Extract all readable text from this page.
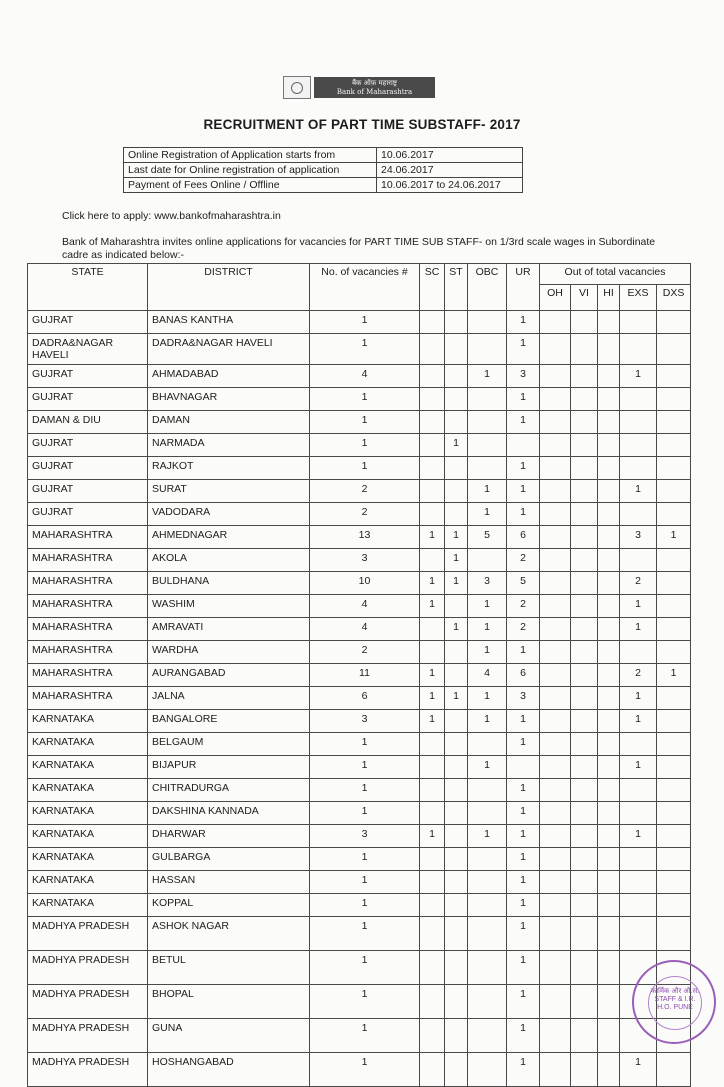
बैंक ऑफ़ महाराष्ट्र
Bank of Maharashtra
RECRUITMENT OF PART TIME SUBSTAFF- 2017
Online Registration of Application starts from	10.06.2017
Last date for Online registration of application	24.06.2017
Payment of Fees Online / Offline	10.06.2017 to 24.06.2017
Click here to apply: www.bankofmaharashtra.in
Bank of Maharashtra invites online applications for vacancies for PART TIME SUB STAFF- on 1/3rd scale wages in Subordinate cadre as indicated below:-
STATE	DISTRICT	No. of vacancies #	SC	ST	OBC	UR	Out of total vacancies				
							OH	VI	HI	EXS	DXS
GUJRAT	BANAS KANTHA	1				1					
DADRA&NAGAR HAVELI	DADRA&NAGAR HAVELI	1				1					
GUJRAT	AHMADABAD	4			1	3				1	
GUJRAT	BHAVNAGAR	1				1					
DAMAN & DIU	DAMAN	1				1					
GUJRAT	NARMADA	1		1							
GUJRAT	RAJKOT	1				1					
GUJRAT	SURAT	2			1	1				1	
GUJRAT	VADODARA	2			1	1					
MAHARASHTRA	AHMEDNAGAR	13	1	1	5	6				3	1
MAHARASHTRA	AKOLA	3		1		2					
MAHARASHTRA	BULDHANA	10	1	1	3	5				2	
MAHARASHTRA	WASHIM	4	1		1	2				1	
MAHARASHTRA	AMRAVATI	4		1	1	2				1	
MAHARASHTRA	WARDHA	2			1	1					
MAHARASHTRA	AURANGABAD	11	1		4	6				2	1
MAHARASHTRA	JALNA	6	1	1	1	3				1	
KARNATAKA	BANGALORE	3	1		1	1				1	
KARNATAKA	BELGAUM	1				1					
KARNATAKA	BIJAPUR	1			1					1	
KARNATAKA	CHITRADURGA	1				1					
KARNATAKA	DAKSHINA KANNADA	1				1					
KARNATAKA	DHARWAR	3	1		1	1				1	
KARNATAKA	GULBARGA	1				1					
KARNATAKA	HASSAN	1				1					
KARNATAKA	KOPPAL	1				1					
MADHYA PRADESH	ASHOK NAGAR	1				1					
MADHYA PRADESH	BETUL	1				1					
MADHYA PRADESH	BHOPAL	1				1					
MADHYA PRADESH	GUNA	1				1					
MADHYA PRADESH	HOSHANGABAD	1				1				1	
कार्मिक और औ.सं.
STAFF & I.R.
H.O. PUNE
